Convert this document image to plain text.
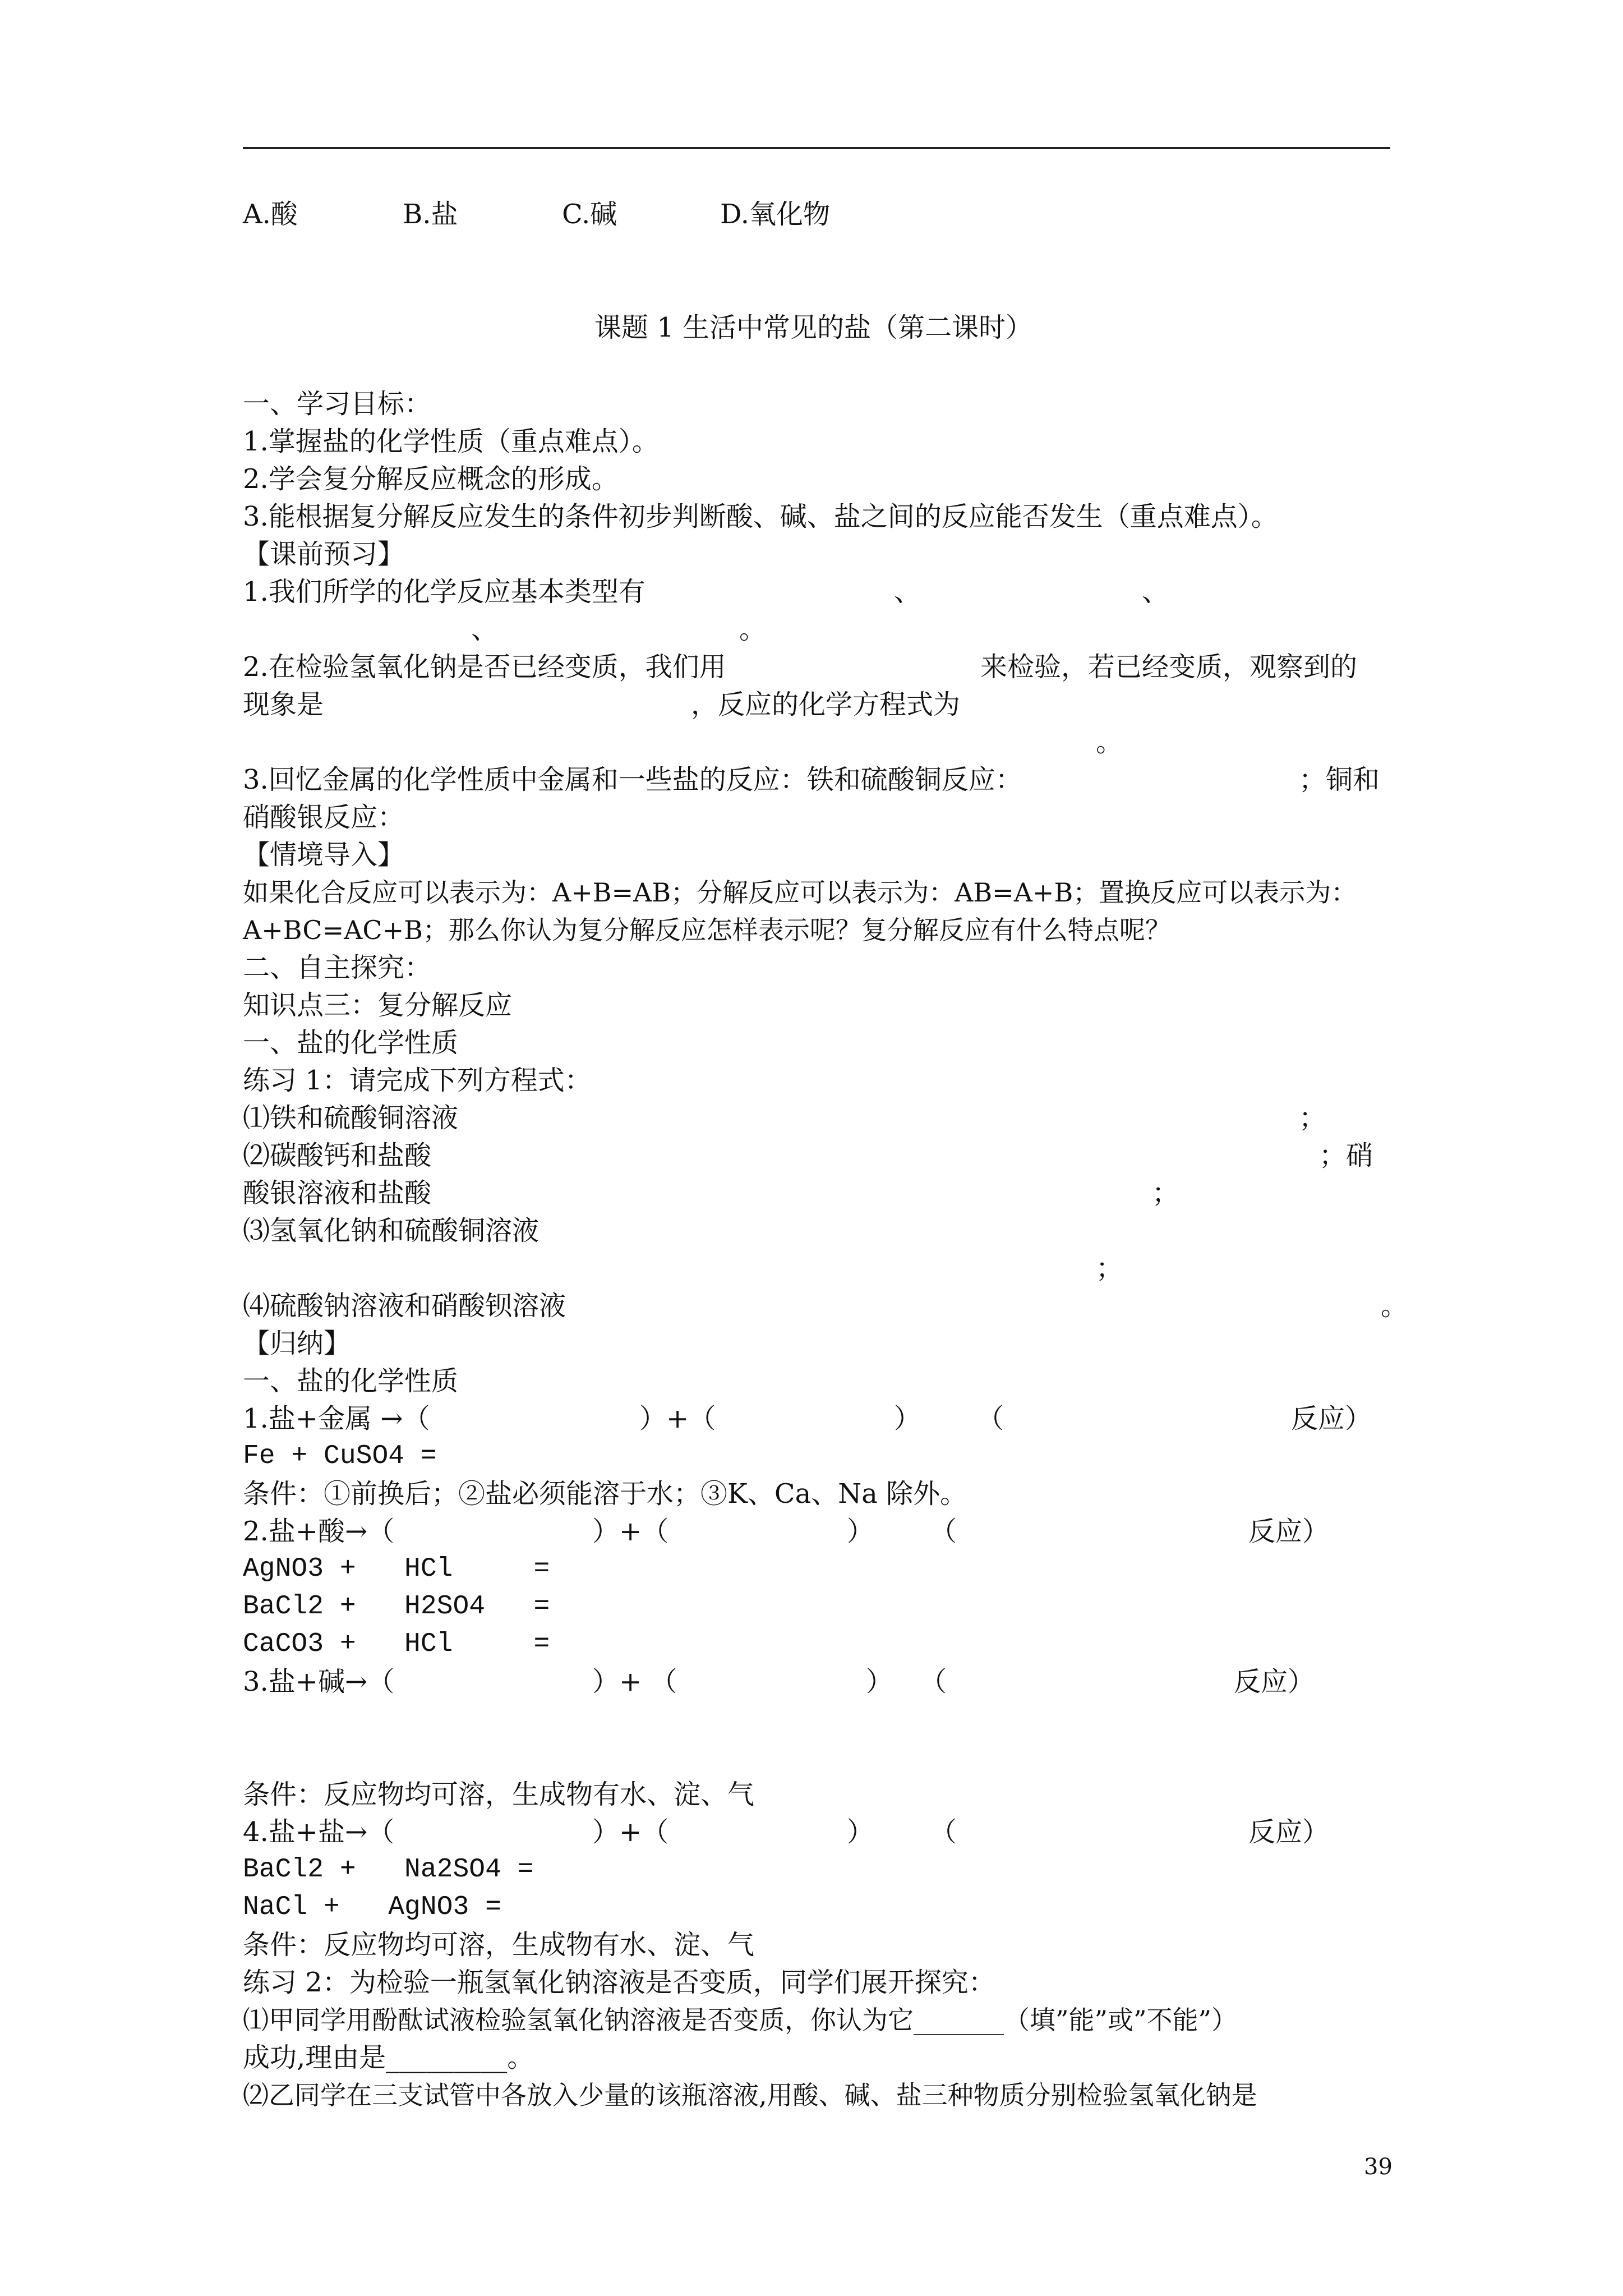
A.酸	B.盐	C.碱	D.氧化物
课题 1 生活中常见的盐（第二课时）
一、学习目标：
1.掌握盐的化学性质（重点难点）。
2.学会复分解反应概念的形成。
3.能根据复分解反应发生的条件初步判断酸、碱、盐之间的反应能否发生（重点难点）。
【课前预习】
1.我们所学的化学反应基本类型有	、	、
、	。
2.在检验氢氧化钠是否已经变质，我们用	来检验，若已经变质，观察到的
现象是	，反应的化学方程式为
。
3.回忆金属的化学性质中金属和一些盐的反应：铁和硫酸铜反应：	；铜和
硝酸银反应：
【情境导入】
如果化合反应可以表示为：A+B=AB；分解反应可以表示为：AB=A+B；置换反应可以表示为：
A+BC=AC+B；那么你认为复分解反应怎样表示呢？复分解反应有什么特点呢？
二、自主探究：
知识点三：复分解反应
一、盐的化学性质
练习 1：请完成下列方程式：
⑴铁和硫酸铜溶液	；
⑵碳酸钙和盐酸	；硝
酸银溶液和盐酸	；
⑶氢氧化钠和硫酸铜溶液
；
⑷硫酸钠溶液和硝酸钡溶液	。
【归纳】
一、盐的化学性质
1.盐+金属 →（	）+（	） （	反应）
Fe + CuSO4 =
条件：①前换后；②盐必须能溶于水；③K、Ca、Na 除外。
2.盐+酸→（	）+（	） （	反应）
AgNO3 +   HCl     =
BaCl2 +   H2SO4   =
CaCO3 +   HCl     =
3.盐+碱→（	）+ （	） （	反应）
条件：反应物均可溶，生成物有水、淀、气
4.盐+盐→（	）+（	） （	反应）
BaCl2 +   Na2SO4 =
NaCl +   AgNO3 =
条件：反应物均可溶，生成物有水、淀、气
练习 2：为检验一瓶氢氧化钠溶液是否变质，同学们展开探究：
⑴甲同学用酚酞试液检验氢氧化钠溶液是否变质，你认为它_______（填”能”或”不能”）
成功,理由是_________。
⑵乙同学在三支试管中各放入少量的该瓶溶液,用酸、碱、盐三种物质分别检验氢氧化钠是
39
